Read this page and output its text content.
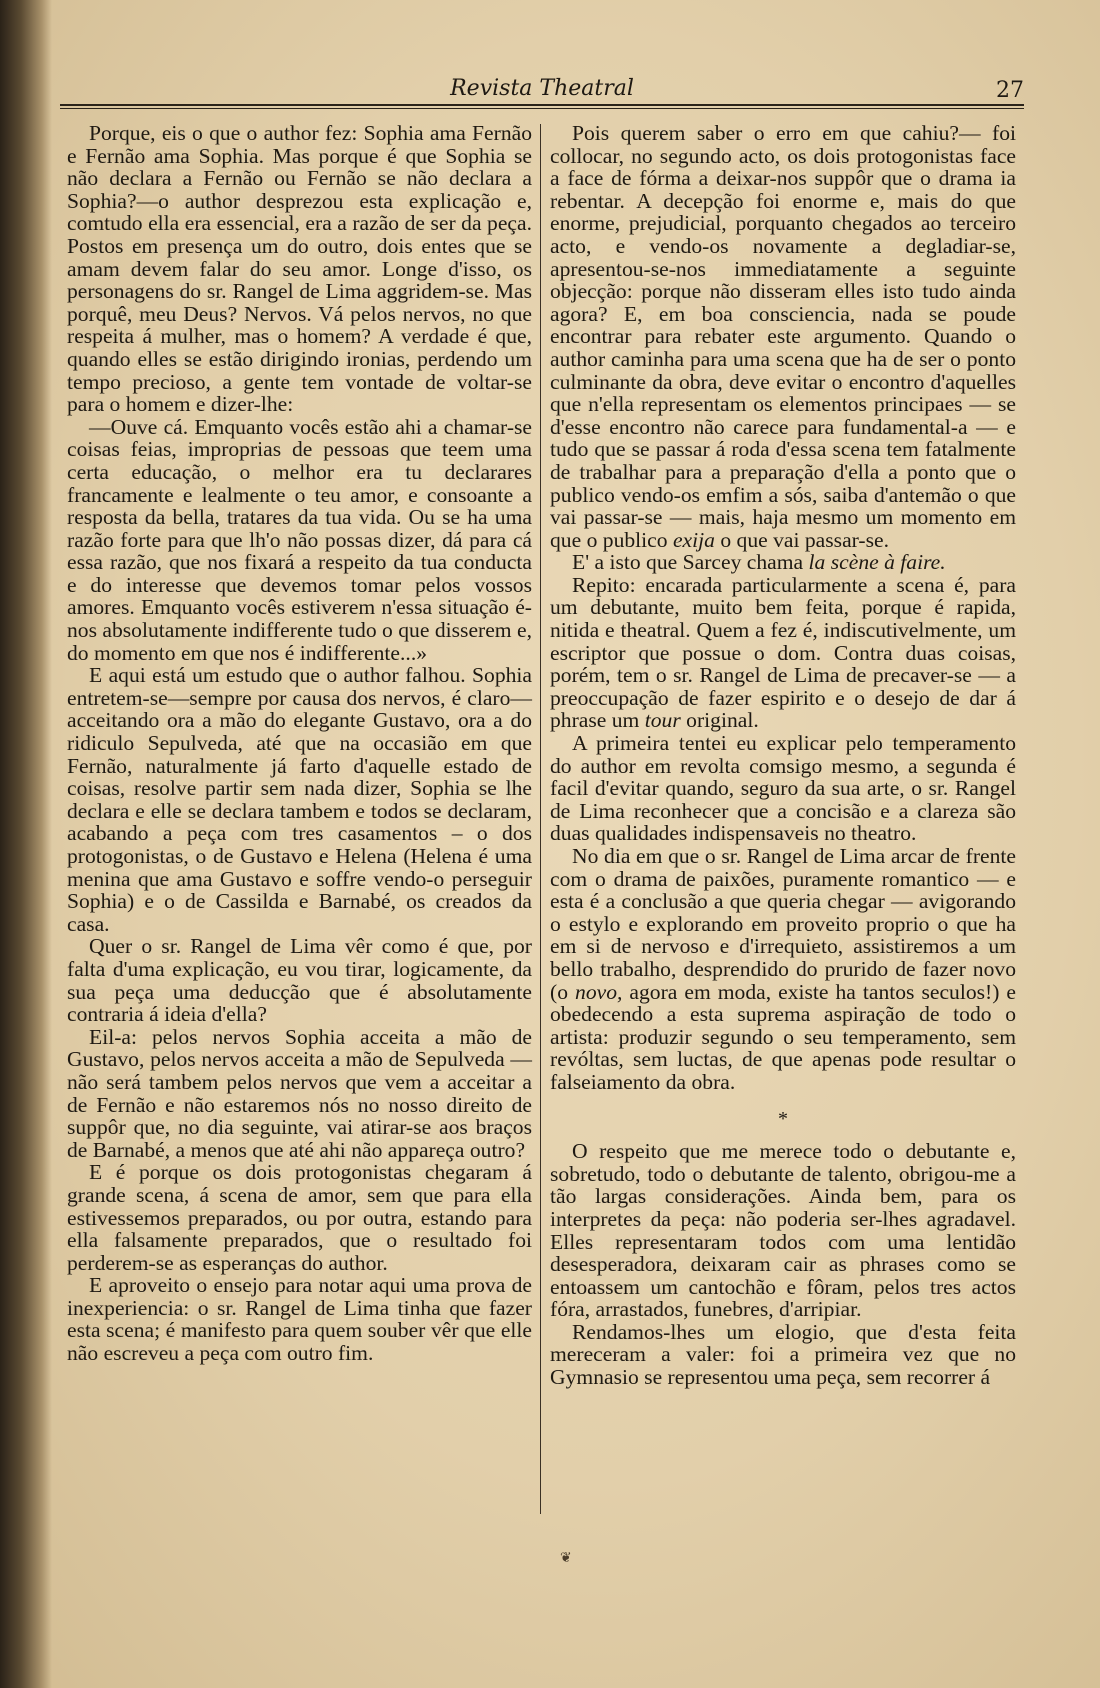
Revista Theatral	27

Porque, eis o que o author fez: Sophia ama Fernão e Fernão ama Sophia. Mas porque é que Sophia se não declara a Fernão ou Fernão se não declara a Sophia?—o author desprezou esta explicação e, comtudo ella era essencial, era a razão de ser da peça. Postos em presença um do outro, dois entes que se amam devem falar do seu amor. Longe d'isso, os personagens do sr. Rangel de Lima aggridem-se. Mas porquê, meu Deus? Nervos. Vá pelos nervos, no que respeita á mulher, mas o homem? A verdade é que, quando elles se estão dirigindo ironias, perdendo um tempo precioso, a gente tem vontade de voltar-se para o homem e dizer-lhe:

—Ouve cá. Emquanto vocês estão ahi a chamar-se coisas feias, improprias de pessoas que teem uma certa educação, o melhor era tu declarares francamente e lealmente o teu amor, e consoante a resposta da bella, tratares da tua vida. Ou se ha uma razão forte para que lh'o não possas dizer, dá para cá essa razão, que nos fixará a respeito da tua conducta e do interesse que devemos tomar pelos vossos amores. Emquanto vocês estiverem n'essa situação é-nos absolutamente indifferente tudo o que disserem e, do momento em que nos é indifferente...»

E aqui está um estudo que o author falhou. Sophia entretem-se—sempre por causa dos nervos, é claro—acceitando ora a mão do elegante Gustavo, ora a do ridiculo Sepulveda, até que na occasião em que Fernão, naturalmente já farto d'aquelle estado de coisas, resolve partir sem nada dizer, Sophia se lhe declara e elle se declara tambem e todos se declaram, acabando a peça com tres casamentos – o dos protogonistas, o de Gustavo e Helena (Helena é uma menina que ama Gustavo e soffre vendo-o perseguir Sophia) e o de Cassilda e Barnabé, os creados da casa.

Quer o sr. Rangel de Lima vêr como é que, por falta d'uma explicação, eu vou tirar, logicamente, da sua peça uma deducção que é absolutamente contraria á ideia d'ella?

Eil-a: pelos nervos Sophia acceita a mão de Gustavo, pelos nervos acceita a mão de Sepulveda — não será tambem pelos nervos que vem a acceitar a de Fernão e não estaremos nós no nosso direito de suppôr que, no dia seguinte, vai atirar-se aos braços de Barnabé, a menos que até ahi não appareça outro?

E é porque os dois protogonistas chegaram á grande scena, á scena de amor, sem que para ella estivessemos preparados, ou por outra, estando para ella falsamente preparados, que o resultado foi perderem-se as esperanças do author.

E aproveito o ensejo para notar aqui uma prova de inexperiencia: o sr. Rangel de Lima tinha que fazer esta scena; é manifesto para quem souber vêr que elle não escreveu a peça com outro fim.

Pois querem saber o erro em que cahiu?— foi collocar, no segundo acto, os dois protogonistas face a face de fórma a deixar-nos suppôr que o drama ia rebentar. A decepção foi enorme e, mais do que enorme, prejudicial, porquanto chegados ao terceiro acto, e vendo-os novamente a degladiar-se, apresentou-se-nos immediatamente a seguinte objecção: porque não disseram elles isto tudo ainda agora? E, em boa consciencia, nada se poude encontrar para rebater este argumento. Quando o author caminha para uma scena que ha de ser o ponto culminante da obra, deve evitar o encontro d'aquelles que n'ella representam os elementos principaes — se d'esse encontro não carece para fundamental-a — e tudo que se passar á roda d'essa scena tem fatalmente de trabalhar para a preparação d'ella a ponto que o publico vendo-os emfim a sós, saiba d'antemão o que vai passar-se — mais, haja mesmo um momento em que o publico exija o que vai passar-se.

E' a isto que Sarcey chama la scène à faire.

Repito: encarada particularmente a scena é, para um debutante, muito bem feita, porque é rapida, nitida e theatral. Quem a fez é, indiscutivelmente, um escriptor que possue o dom. Contra duas coisas, porém, tem o sr. Rangel de Lima de precaver-se — a preoccupação de fazer espirito e o desejo de dar á phrase um tour original.

A primeira tentei eu explicar pelo temperamento do author em revolta comsigo mesmo, a segunda é facil d'evitar quando, seguro da sua arte, o sr. Rangel de Lima reconhecer que a concisão e a clareza são duas qualidades indispensaveis no theatro.

No dia em que o sr. Rangel de Lima arcar de frente com o drama de paixões, puramente romantico — e esta é a conclusão a que queria chegar — avigorando o estylo e explorando em proveito proprio o que ha em si de nervoso e d'irrequieto, assistiremos a um bello trabalho, desprendido do prurido de fazer novo (o novo, agora em moda, existe ha tantos seculos!) e obedecendo a esta suprema aspiração de todo o artista: produzir segundo o seu temperamento, sem revóltas, sem luctas, de que apenas pode resultar o falseiamento da obra.

*

O respeito que me merece todo o debutante e, sobretudo, todo o debutante de talento, obrigou-me a tão largas considerações. Ainda bem, para os interpretes da peça: não poderia ser-lhes agradavel. Elles representaram todos com uma lentidão desesperadora, deixaram cair as phrases como se entoassem um cantochão e fôram, pelos tres actos fóra, arrastados, funebres, d'arripiar.

Rendamos-lhes um elogio, que d'esta feita mereceram a valer: foi a primeira vez que no Gymnasio se representou uma peça, sem recorrer á

❦
